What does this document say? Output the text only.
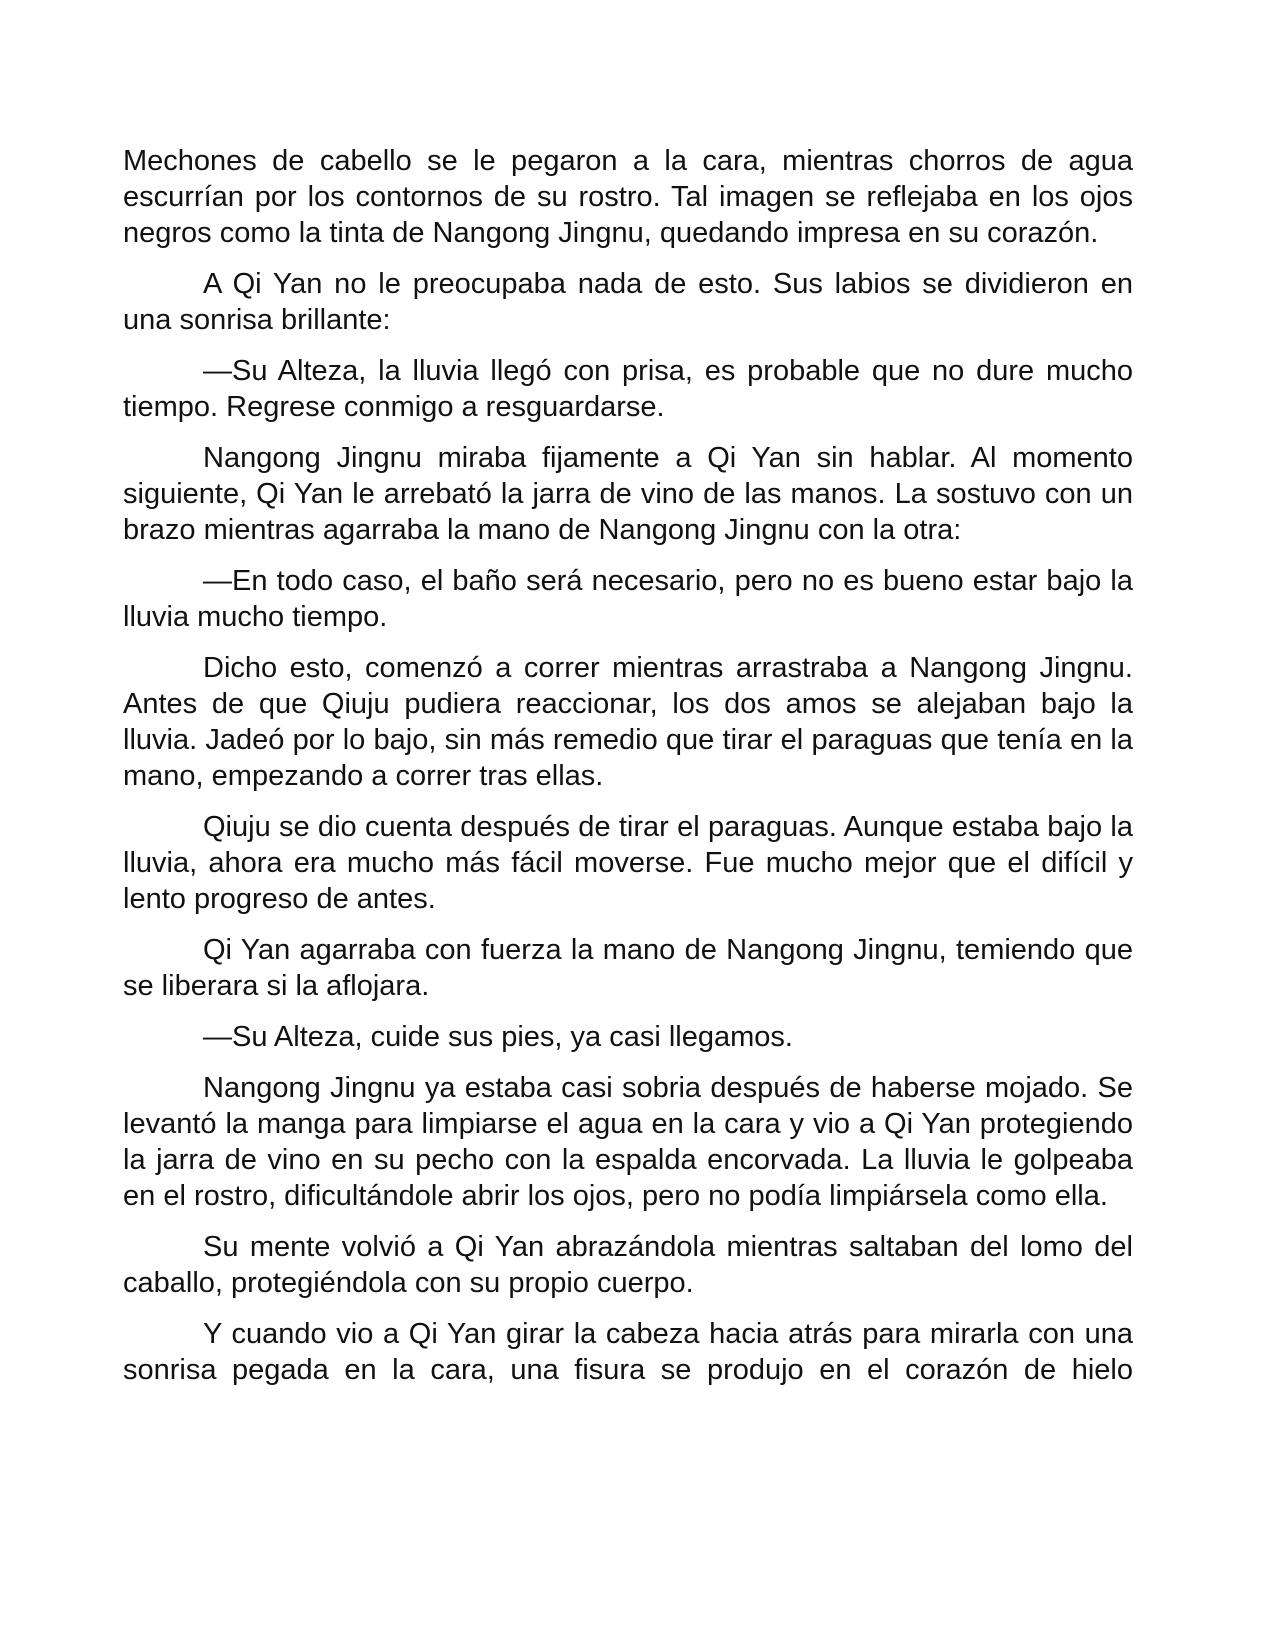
Mechones de cabello se le pegaron a la cara, mientras chorros de agua escurrían por los contornos de su rostro. Tal imagen se reflejaba en los ojos negros como la tinta de Nangong Jingnu, quedando impresa en su corazón.

A Qi Yan no le preocupaba nada de esto. Sus labios se dividieron en una sonrisa brillante:

—Su Alteza, la lluvia llegó con prisa, es probable que no dure mucho tiempo. Regrese conmigo a resguardarse.

Nangong Jingnu miraba fijamente a Qi Yan sin hablar. Al momento siguiente, Qi Yan le arrebató la jarra de vino de las manos. La sostuvo con un brazo mientras agarraba la mano de Nangong Jingnu con la otra:

—En todo caso, el baño será necesario, pero no es bueno estar bajo la lluvia mucho tiempo.

Dicho esto, comenzó a correr mientras arrastraba a Nangong Jingnu. Antes de que Qiuju pudiera reaccionar, los dos amos se alejaban bajo la lluvia. Jadeó por lo bajo, sin más remedio que tirar el paraguas que tenía en la mano, empezando a correr tras ellas.

Qiuju se dio cuenta después de tirar el paraguas. Aunque estaba bajo la lluvia, ahora era mucho más fácil moverse. Fue mucho mejor que el difícil y lento progreso de antes.

Qi Yan agarraba con fuerza la mano de Nangong Jingnu, temiendo que se liberara si la aflojara.

—Su Alteza, cuide sus pies, ya casi llegamos.

Nangong Jingnu ya estaba casi sobria después de haberse mojado. Se levantó la manga para limpiarse el agua en la cara y vio a Qi Yan protegiendo la jarra de vino en su pecho con la espalda encorvada. La lluvia le golpeaba en el rostro, dificultándole abrir los ojos, pero no podía limpiársela como ella.

Su mente volvió a Qi Yan abrazándola mientras saltaban del lomo del caballo, protegiéndola con su propio cuerpo.

Y cuando vio a Qi Yan girar la cabeza hacia atrás para mirarla con una sonrisa pegada en la cara, una fisura se produjo en el corazón de hielo
